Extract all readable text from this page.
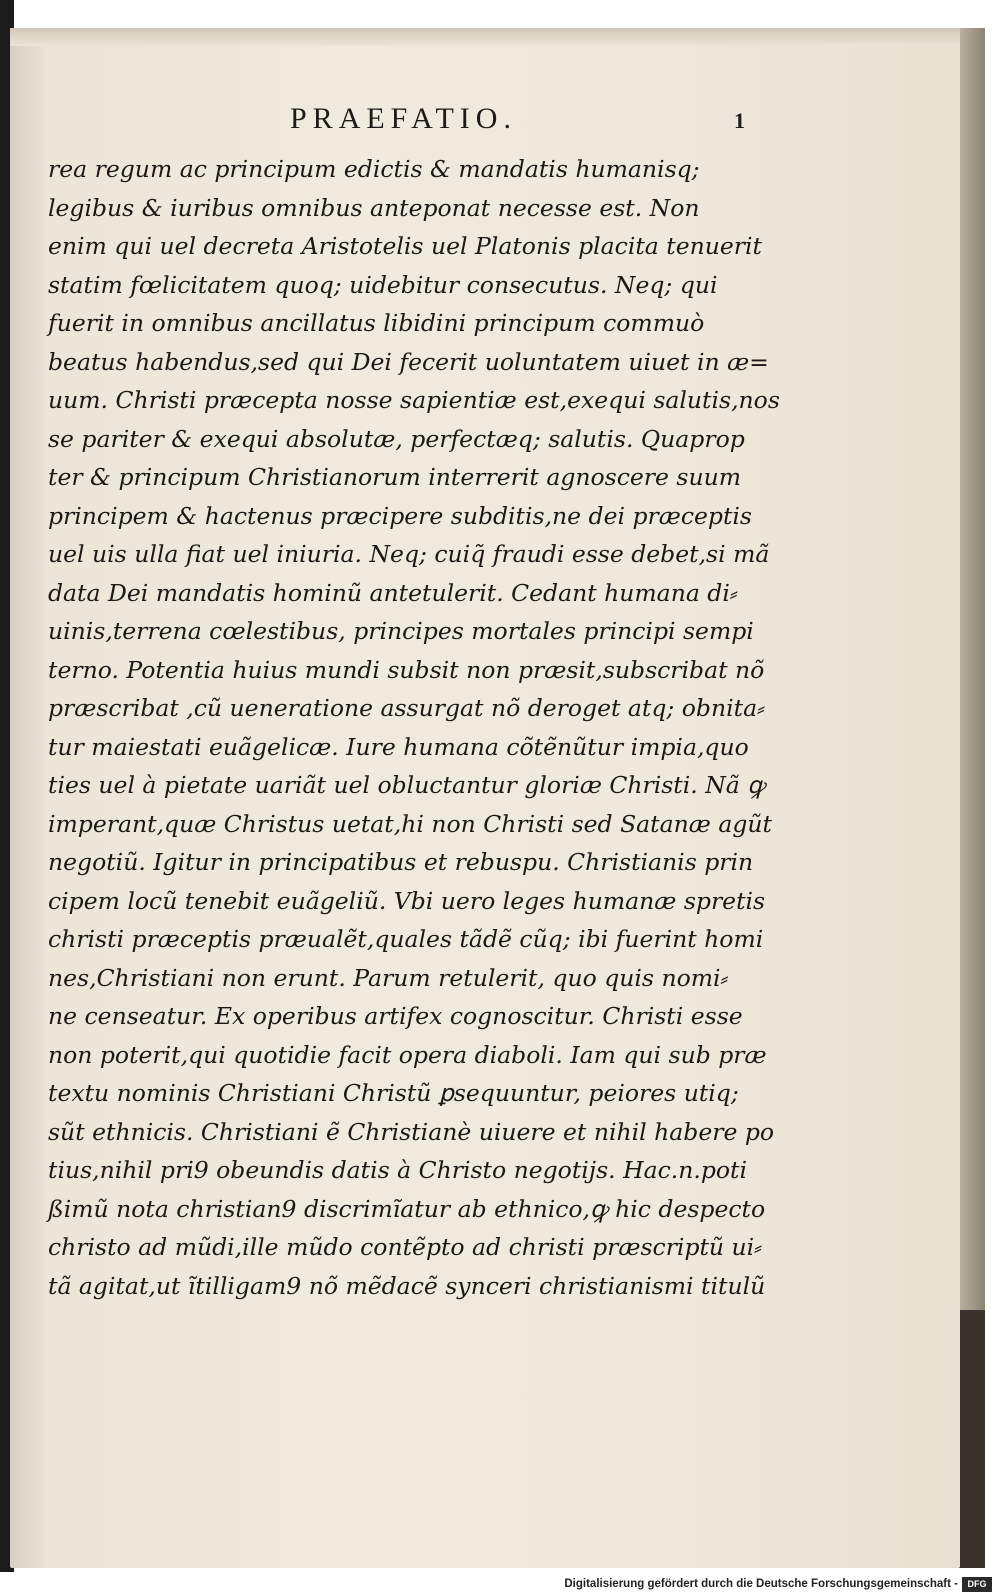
PRAEFATIO.	1
rea regum ac principum edictis & mandatis humanisq;
legibus & iuribus omnibus anteponat necesse est. Non
enim qui uel decreta Aristotelis uel Platonis placita tenuerit
statim fœlicitatem quoq; uidebitur consecutus. Neq; qui
fuerit in omnibus ancillatus libidini principum commuò
beatus habendus,sed qui Dei fecerit uoluntatem uiuet in æ=
uum. Christi præcepta nosse sapientiæ est,exequi salutis,nos
se pariter & exequi absolutæ, perfectæq; salutis. Quaprop
ter & principum Christianorum interrerit agnoscere suum
principem & hactenus præcipere subditis,ne dei præceptis
uel uis ulla fiat uel iniuria. Neq; cuiq̃ fraudi esse debet,si mã
data Dei mandatis hominũ antetulerit. Cedant humana di⸗
uinis,terrena cœlestibus, principes mortales principi sempi
terno. Potentia huius mundi subsit non præsit,subscribat nõ
præscribat ,cũ ueneratione assurgat nõ deroget atq; obnita⸗
tur maiestati euãgelicæ. Iure humana cõtẽnũtur impia,quo
ties uel à pietate uariãt uel obluctantur gloriæ Christi. Nã ꝙ
imperant,quæ Christus uetat,hi non Christi sed Satanæ agũt
negotiũ. Igitur in principatibus et rebuspu. Christianis prin
cipem locũ tenebit euãgeliũ. Vbi uero leges humanæ spretis
christi præceptis præualẽt,quales tãdẽ cũq; ibi fuerint homi
nes,Christiani non erunt. Parum retulerit, quo quis nomi⸗
ne censeatur. Ex operibus artifex cognoscitur. Christi esse
non poterit,qui quotidie facit opera diaboli. Iam qui sub præ
textu nominis Christiani Christũ ꝑsequuntur, peiores utiq;
sũt ethnicis. Christiani ẽ Christianè uiuere et nihil habere po
tius,nihil pri9 obeundis datis à Christo negotijs. Hac.n.poti
ßimũ nota christian9 discrimĩatur ab ethnico,ꝙ hic despecto
christo ad mũdi,ille mũdo contẽpto ad christi præscriptũ ui⸗
tã agitat,ut ĩtilligam9 nõ mẽdacẽ synceri christianismi titulũ
Digitalisierung gefördert durch die Deutsche Forschungsgemeinschaft -	DFG
